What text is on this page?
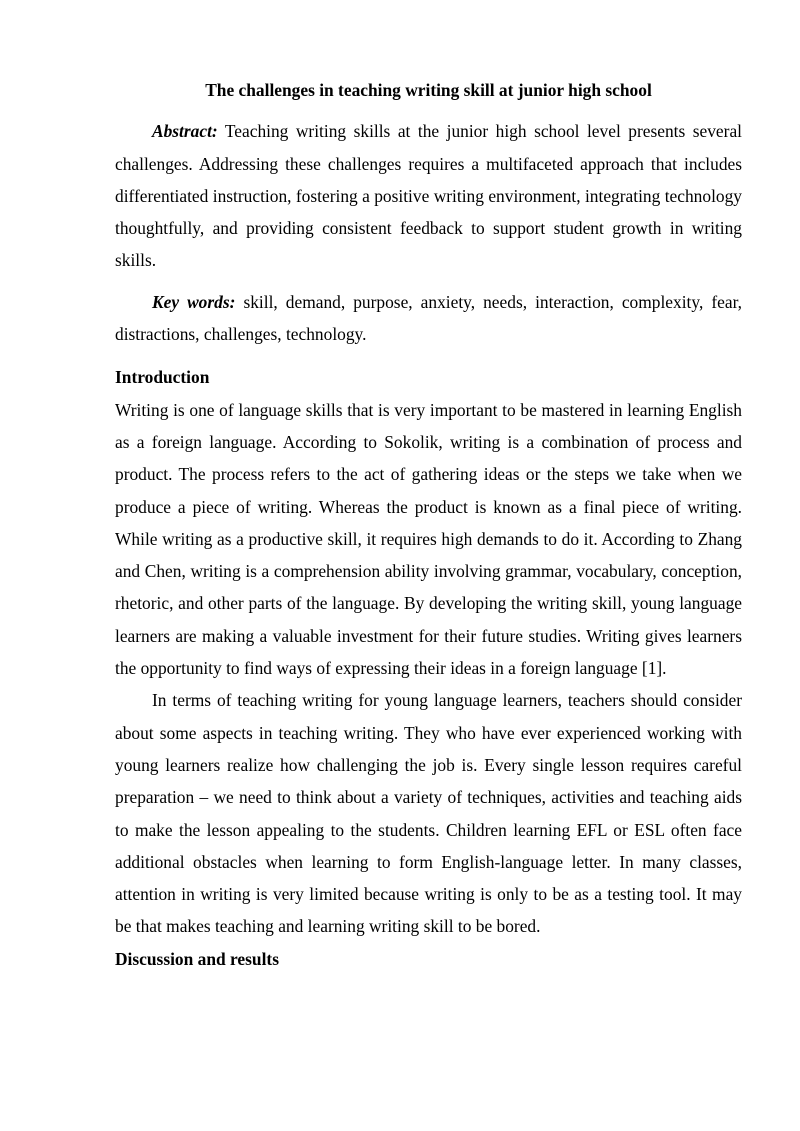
The challenges in teaching writing skill at junior high school

Abstract: Teaching writing skills at the junior high school level presents several challenges. Addressing these challenges requires a multifaceted approach that includes differentiated instruction, fostering a positive writing environment, integrating technology thoughtfully, and providing consistent feedback to support student growth in writing skills.

Key words: skill, demand, purpose, anxiety, needs, interaction, complexity, fear, distractions, challenges, technology.

Introduction

Writing is one of language skills that is very important to be mastered in learning English as a foreign language. According to Sokolik, writing is a combination of process and product. The process refers to the act of gathering ideas or the steps we take when we produce a piece of writing. Whereas the product is known as a final piece of writing. While writing as a productive skill, it requires high demands to do it. According to Zhang and Chen, writing is a comprehension ability involving grammar, vocabulary, conception, rhetoric, and other parts of the language. By developing the writing skill, young language learners are making a valuable investment for their future studies. Writing gives learners the opportunity to find ways of expressing their ideas in a foreign language [1].

In terms of teaching writing for young language learners, teachers should consider about some aspects in teaching writing. They who have ever experienced working with young learners realize how challenging the job is. Every single lesson requires careful preparation – we need to think about a variety of techniques, activities and teaching aids to make the lesson appealing to the students. Children learning EFL or ESL often face additional obstacles when learning to form English-language letter. In many classes, attention in writing is very limited because writing is only to be as a testing tool. It may be that makes teaching and learning writing skill to be bored.

Discussion and results
